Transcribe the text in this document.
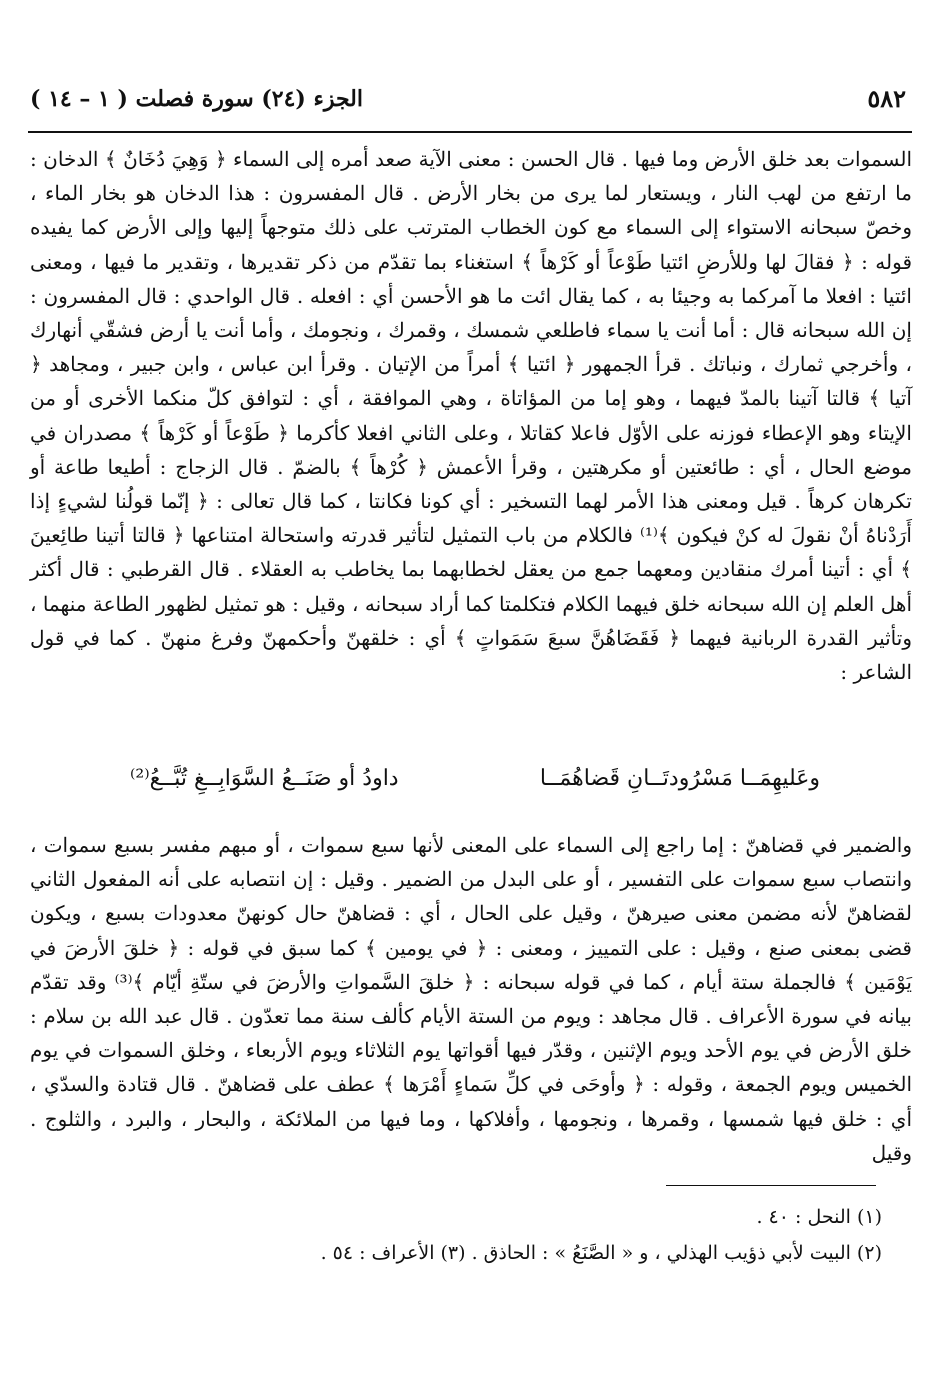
٥٨٢
الجزء (٢٤) سورة فصلت ( ١ – ١٤ )

السموات بعد خلق الأرض وما فيها . قال الحسن : معنى الآية صعد أمره إلى السماء ﴿ وَهِيَ دُخَانٌ ﴾ الدخان : ما ارتفع من لهب النار ، ويستعار لما يرى من بخار الأرض . قال المفسرون : هذا الدخان هو بخار الماء ، وخصّ سبحانه الاستواء إلى السماء مع كون الخطاب المترتب على ذلك متوجهاً إليها وإلى الأرض كما يفيده قوله : ﴿ فقالَ لها وللأرضِ ائتيا طَوْعاً أو كَرْهاً ﴾ استغناء بما تقدّم من ذكر تقديرها ، وتقدير ما فيها ، ومعنى ائتيا : افعلا ما آمركما به وجيئا به ، كما يقال ائت ما هو الأحسن أي : افعله . قال الواحدي : قال المفسرون : إن الله سبحانه قال : أما أنت يا سماء فاطلعي شمسك ، وقمرك ، ونجومك ، وأما أنت يا أرض فشقّي أنهارك ، وأخرجي ثمارك ، ونباتك . قرأ الجمهور ﴿ ائتيا ﴾ أمراً من الإتيان . وقرأ ابن عباس ، وابن جبير ، ومجاهد ﴿ آتيا ﴾ قالتا آتينا بالمدّ فيهما ، وهو إما من المؤاتاة ، وهي الموافقة ، أي : لتوافق كلّ منكما الأخرى أو من الإيتاء وهو الإعطاء فوزنه على الأوّل فاعلا كقاتلا ، وعلى الثاني افعلا كأكرما ﴿ طَوْعاً أو كَرْهاً ﴾ مصدران في موضع الحال ، أي : طائعتين أو مكرهتين ، وقرأ الأعمش ﴿ كُرْهاً ﴾ بالضمّ . قال الزجاج : أطيعا طاعة أو تكرهان كرهاً . قيل ومعنى هذا الأمر لهما التسخير : أي كونا فكانتا ، كما قال تعالى : ﴿ إنّما قولُنا لشيءٍ إذا أَرَدْناهُ أنْ نقولَ له كنْ فيكون ﴾⁽¹⁾ فالكلام من باب التمثيل لتأثير قدرته واستحالة امتناعها ﴿ قالتا أتينا طائِعينَ ﴾ أي : أتينا أمرك منقادين ومعهما جمع من يعقل لخطابهما بما يخاطب به العقلاء . قال القرطبي : قال أكثر أهل العلم إن الله سبحانه خلق فيهما الكلام فتكلمتا كما أراد سبحانه ، وقيل : هو تمثيل لظهور الطاعة منهما ، وتأثير القدرة الربانية فيهما ﴿ فَقَضَاهُنَّ سبعَ سَمَواتٍ ﴾ أي : خلقهنّ وأحكمهنّ وفرغ منهنّ . كما في قول الشاعر :

وعَليهِمَــا مَسْرُودتَــانِ قَضاهُمَــا
داودُ أو صَنَــعُ السَّوَابِــغِ تُبَّــعُ⁽²⁾

والضمير في قضاهنّ : إما راجع إلى السماء على المعنى لأنها سبع سموات ، أو مبهم مفسر بسبع سموات ، وانتصاب سبع سموات على التفسير ، أو على البدل من الضمير . وقيل : إن انتصابه على أنه المفعول الثاني لقضاهنّ لأنه مضمن معنى صيرهنّ ، وقيل على الحال ، أي : قضاهنّ حال كونهنّ معدودات بسبع ، ويكون قضى بمعنى صنع ، وقيل : على التمييز ، ومعنى : ﴿ في يومين ﴾ كما سبق في قوله : ﴿ خلقَ الأرضَ في يَوْمَين ﴾ فالجملة ستة أيام ، كما في قوله سبحانه : ﴿ خلقَ السَّمواتِ والأرضَ في ستّةِ أيّام ﴾⁽³⁾ وقد تقدّم بيانه في سورة الأعراف . قال مجاهد : ويوم من الستة الأيام كألف سنة مما تعدّون . قال عبد الله بن سلام : خلق الأرض في يوم الأحد ويوم الإثنين ، وقدّر فيها أقواتها يوم الثلاثاء ويوم الأربعاء ، وخلق السموات في يوم الخميس ويوم الجمعة ، وقوله : ﴿ وأوحَى في كلِّ سَماءٍ أَمْرَها ﴾ عطف على قضاهنّ . قال قتادة والسدّي ، أي : خلق فيها شمسها ، وقمرها ، ونجومها ، وأفلاكها ، وما فيها من الملائكة ، والبحار ، والبرد ، والثلوج . وقيل

(١) النحل : ٤٠ .

(٢) البيت لأبي ذؤيب الهذلي ، و « الصَّنَعُ » : الحاذق . (٣) الأعراف : ٥٤ .
